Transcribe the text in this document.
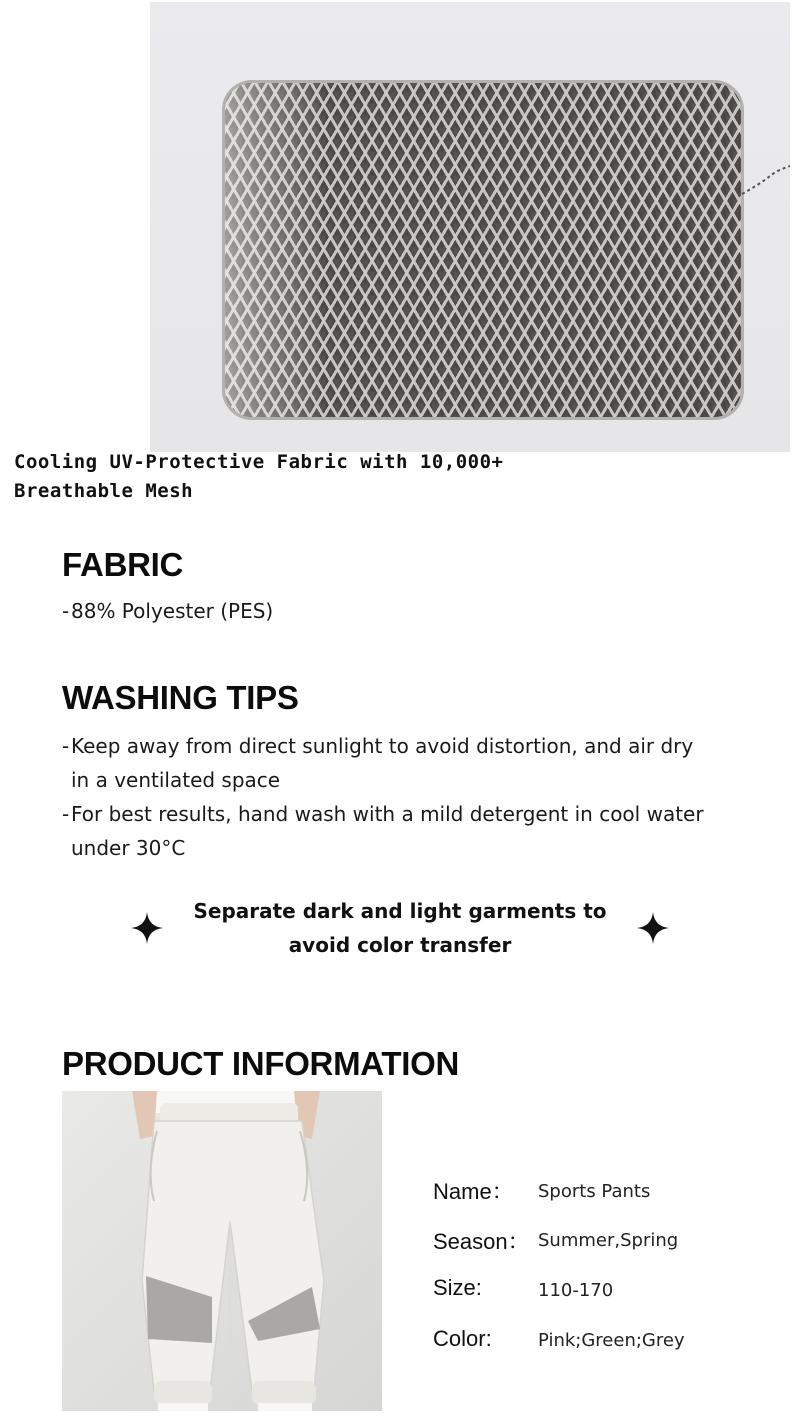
Cooling UV-Protective Fabric with 10,000+
Breathable Mesh
FABRIC
- 88% Polyester (PES)
WASHING TIPS
- Keep away from direct sunlight to avoid distortion, and air dry
in a ventilated space
- For best results, hand wash with a mild detergent in cool water
under 30°C
Separate dark and light garments to
avoid color transfer
PRODUCT INFORMATION
Name： Sports Pants
Season： Summer,Spring
Size:	110-170
Color:	Pink;Green;Grey
